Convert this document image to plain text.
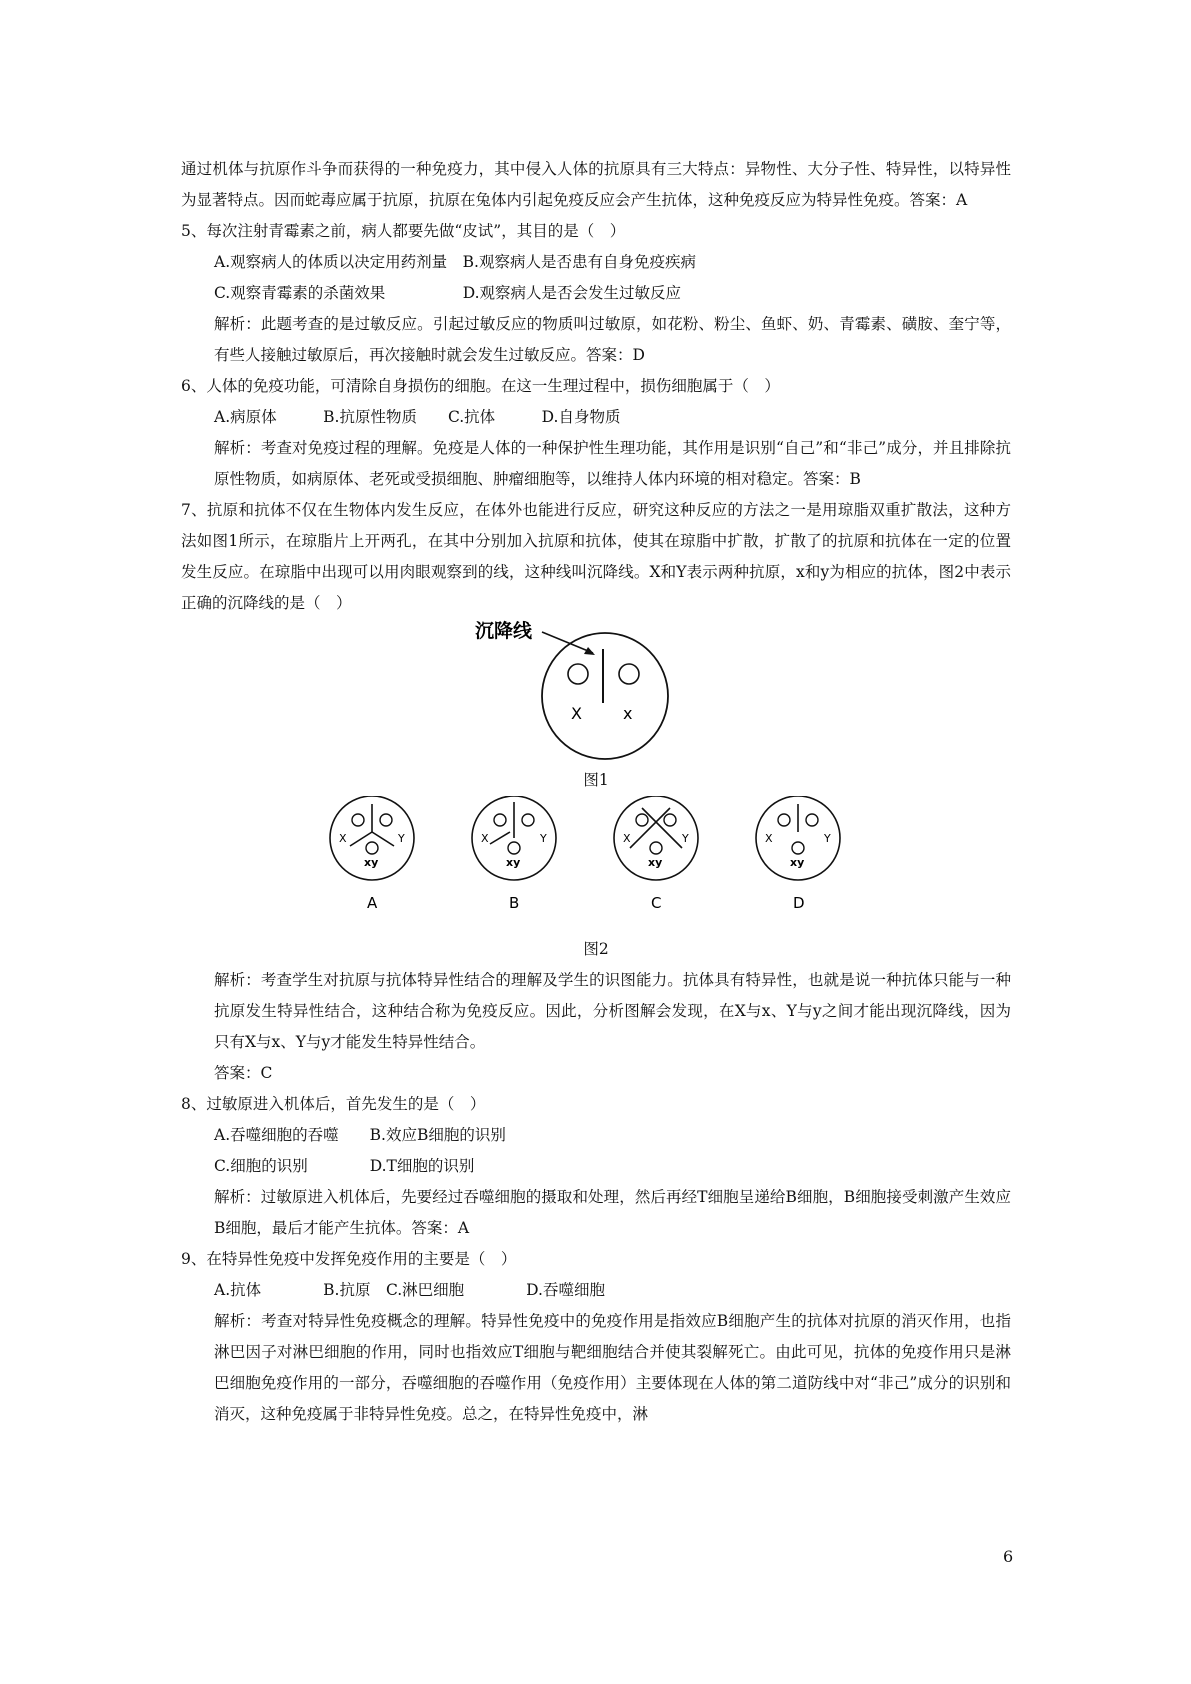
通过机体与抗原作斗争而获得的一种免疫力，其中侵入人体的抗原具有三大特点：异物性、大分子性、特异性，以特异性为显著特点。因而蛇毒应属于抗原，抗原在兔体内引起免疫反应会产生抗体，这种免疫反应为特异性免疫。答案：A

5、每次注射青霉素之前，病人都要先做“皮试”，其目的是（　）

A.观察病人的体质以决定用药剂量　B.观察病人是否患有自身免疫疾病

C.观察青霉素的杀菌效果　　　　　D.观察病人是否会发生过敏反应

解析：此题考查的是过敏反应。引起过敏反应的物质叫过敏原，如花粉、粉尘、鱼虾、奶、青霉素、磺胺、奎宁等，有些人接触过敏原后，再次接触时就会发生过敏反应。答案：D

6、人体的免疫功能，可清除自身损伤的细胞。在这一生理过程中，损伤细胞属于（　）

A.病原体　　　B.抗原性物质　　C.抗体　　　D.自身物质

解析：考查对免疫过程的理解。免疫是人体的一种保护性生理功能，其作用是识别“自己”和“非己”成分，并且排除抗原性物质，如病原体、老死或受损细胞、肿瘤细胞等，以维持人体内环境的相对稳定。答案：B

7、抗原和抗体不仅在生物体内发生反应，在体外也能进行反应，研究这种反应的方法之一是用琼脂双重扩散法，这种方法如图1所示，在琼脂片上开两孔，在其中分别加入抗原和抗体，使其在琼脂中扩散，扩散了的抗原和抗体在一定的位置发生反应。在琼脂中出现可以用肉眼观察到的线，这种线叫沉降线。X和Y表示两种抗原，x和y为相应的抗体，图2中表示正确的沉降线的是（　）

沉降线
X	x

图1

X	Y
xy
A
X	Y
xy
B
X	Y
xy
C
X	Y
xy
D

图2

解析：考查学生对抗原与抗体特异性结合的理解及学生的识图能力。抗体具有特异性，也就是说一种抗体只能与一种抗原发生特异性结合，这种结合称为免疫反应。因此，分析图解会发现，在X与x、Y与y之间才能出现沉降线，因为只有X与x、Y与y才能发生特异性结合。

答案：C

8、过敏原进入机体后，首先发生的是（　）

A.吞噬细胞的吞噬　　B.效应B细胞的识别

C.细胞的识别　　　　D.T细胞的识别

解析：过敏原进入机体后，先要经过吞噬细胞的摄取和处理，然后再经T细胞呈递给B细胞，B细胞接受刺激产生效应B细胞，最后才能产生抗体。答案：A

9、在特异性免疫中发挥免疫作用的主要是（　）

A.抗体　　　　B.抗原　C.淋巴细胞　　　　D.吞噬细胞

解析：考查对特异性免疫概念的理解。特异性免疫中的免疫作用是指效应B细胞产生的抗体对抗原的消灭作用，也指淋巴因子对淋巴细胞的作用，同时也指效应T细胞与靶细胞结合并使其裂解死亡。由此可见，抗体的免疫作用只是淋巴细胞免疫作用的一部分，吞噬细胞的吞噬作用（免疫作用）主要体现在人体的第二道防线中对“非己”成分的识别和消灭，这种免疫属于非特异性免疫。总之，在特异性免疫中，淋

6
